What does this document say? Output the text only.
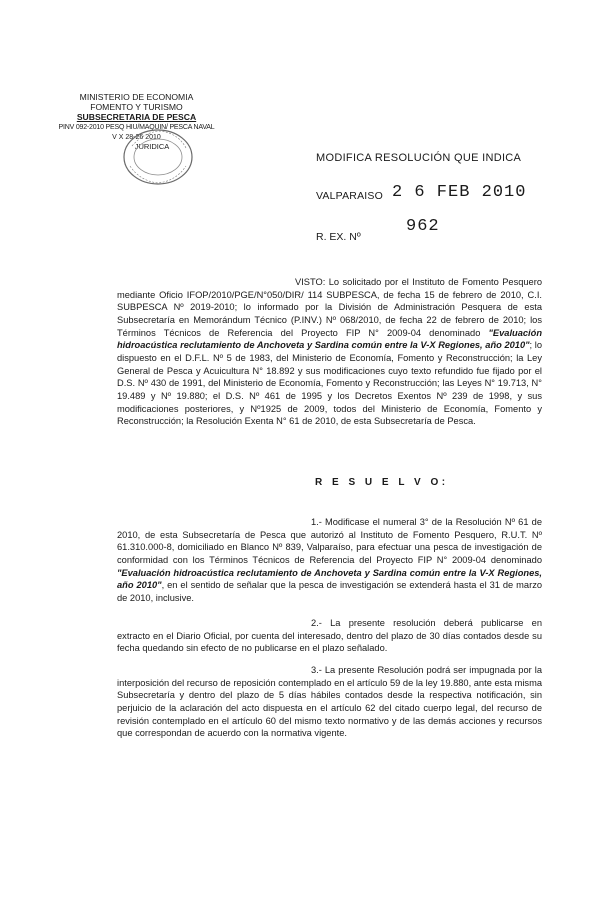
MINISTERIO DE ECONOMIA
FOMENTO Y TURISMO
SUBSECRETARIA DE PESCA
PINV 092-2010 PESQ HIU/MAQUIN/ PESCA NAVAL
V X 28-26 2010
JURIDICA
MODIFICA RESOLUCIÓN QUE INDICA
VALPARAISO 2 6 FEB 2010
R. EX. Nº
962
VISTO: Lo solicitado por el Instituto de Fomento Pesquero mediante Oficio IFOP/2010/PGE/N°050/DIR/ 114 SUBPESCA, de fecha 15 de febrero de 2010, C.I. SUBPESCA Nº 2019-2010; lo informado por la División de Administración Pesquera de esta Subsecretaría en Memorándum Técnico (P.INV.) Nº 068/2010, de fecha 22 de febrero de 2010; los Términos Técnicos de Referencia del Proyecto FIP N° 2009-04 denominado "Evaluación hidroacústica reclutamiento de Anchoveta y Sardina común entre la V-X Regiones, año 2010"; lo dispuesto en el D.F.L. Nº 5 de 1983, del Ministerio de Economía, Fomento y Reconstrucción; la Ley General de Pesca y Acuicultura N° 18.892 y sus modificaciones cuyo texto refundido fue fijado por el D.S. Nº 430 de 1991, del Ministerio de Economía, Fomento y Reconstrucción; las Leyes N° 19.713, N° 19.489 y Nº 19.880; el D.S. Nº 461 de 1995 y los Decretos Exentos Nº 239 de 1998, y sus modificaciones posteriores, y Nº1925 de 2009, todos del Ministerio de Economía, Fomento y Reconstrucción; la Resolución Exenta N° 61 de 2010, de esta Subsecretaría de Pesca.
R E S U E L V O:
1.- Modificase el numeral 3° de la Resolución Nº 61 de 2010, de esta Subsecretaría de Pesca que autorizó al Instituto de Fomento Pesquero, R.U.T. Nº 61.310.000-8, domiciliado en Blanco Nº 839, Valparaíso, para efectuar una pesca de investigación de conformidad con los Términos Técnicos de Referencia del Proyecto FIP N° 2009-04 denominado "Evaluación hidroacústica reclutamiento de Anchoveta y Sardina común entre la V-X Regiones, año 2010", en el sentido de señalar que la pesca de investigación se extenderá hasta el 31 de marzo de 2010, inclusive.
2.- La presente resolución deberá publicarse en extracto en el Diario Oficial, por cuenta del interesado, dentro del plazo de 30 días contados desde su fecha quedando sin efecto de no publicarse en el plazo señalado.
3.- La presente Resolución podrá ser impugnada por la interposición del recurso de reposición contemplado en el artículo 59 de la ley 19.880, ante esta misma Subsecretaría y dentro del plazo de 5 días hábiles contados desde la respectiva notificación, sin perjuicio de la aclaración del acto dispuesta en el artículo 62 del citado cuerpo legal, del recurso de revisión contemplado en el artículo 60 del mismo texto normativo y de las demás acciones y recursos que correspondan de acuerdo con la normativa vigente.
